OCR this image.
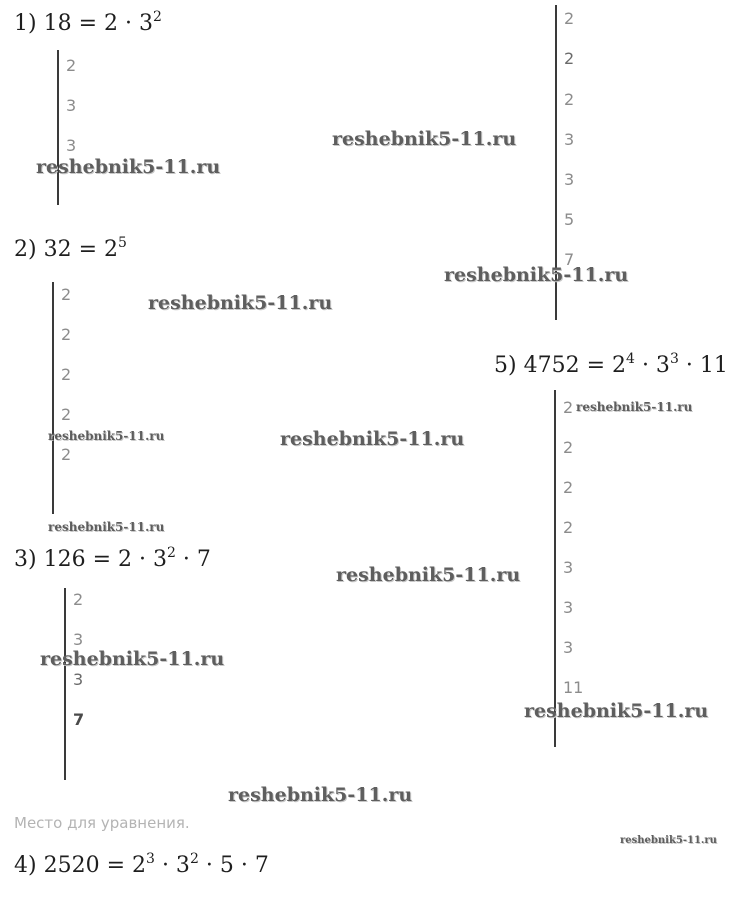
1) $18 = 2 \cdot 3^2$
2
3
3
2) $32 = 2^5$
2
2
2
2
2
3) $126 = 2 \cdot 3^2 \cdot 7$
2
3
3
7
Место для уравнения.
4) $2520 = 2^3 \cdot 3^2 \cdot 5 \cdot 7$
2
2
2
3
3
5
7
5) $4752 = 2^4 \cdot 3^3 \cdot 11$
2
2
2
2
3
3
3
11
reshebnik5-11.ru
reshebnik5-11.ru
reshebnik5-11.ru
reshebnik5-11.ru
reshebnik5-11.ru
reshebnik5-11.ru
reshebnik5-11.ru
reshebnik5-11.ru
reshebnik5-11.ru
reshebnik5-11.ru
reshebnik5-11.ru
reshebnik5-11.ru
reshebnik5-11.ru
